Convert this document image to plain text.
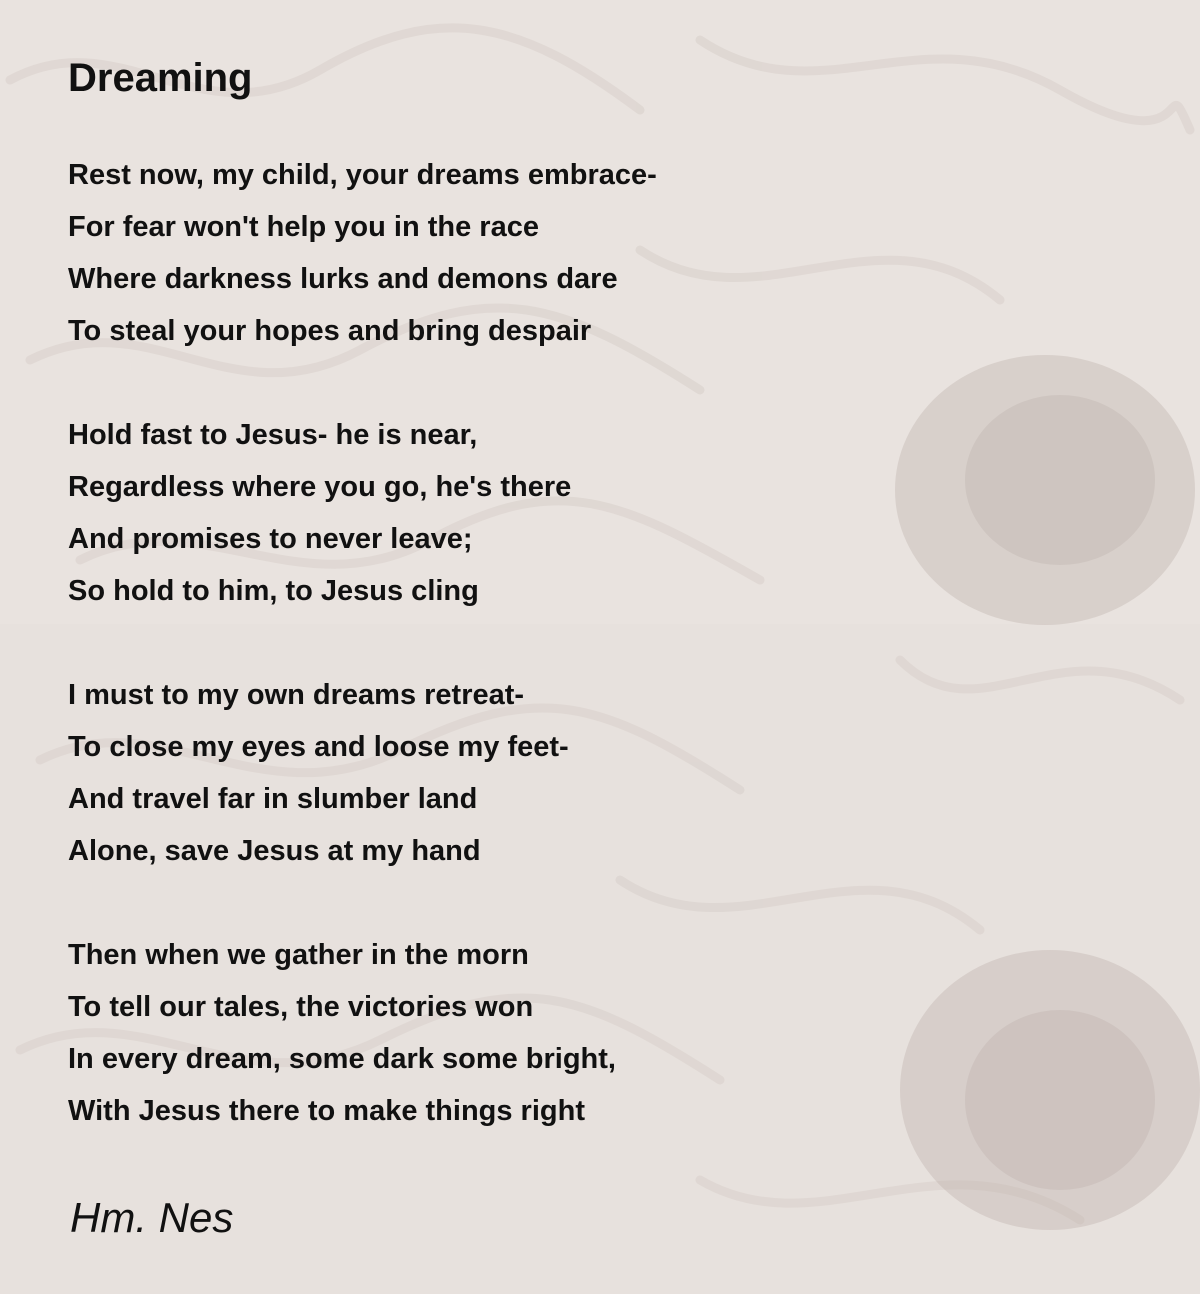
Dreaming
Rest now, my child, your dreams embrace-
For fear won't help you in the race
Where darkness lurks and demons dare
To steal your hopes and bring despair
Hold fast to Jesus- he is near,
Regardless where you go, he's there
And promises to never leave;
So hold to him, to Jesus cling
I must to my own dreams retreat-
To close my eyes and loose my feet-
And travel far in slumber land
Alone, save Jesus at my hand
Then when we gather in the morn
To tell our tales, the victories won
In every dream, some dark some bright,
With Jesus there to make things right
Hm. Nes
